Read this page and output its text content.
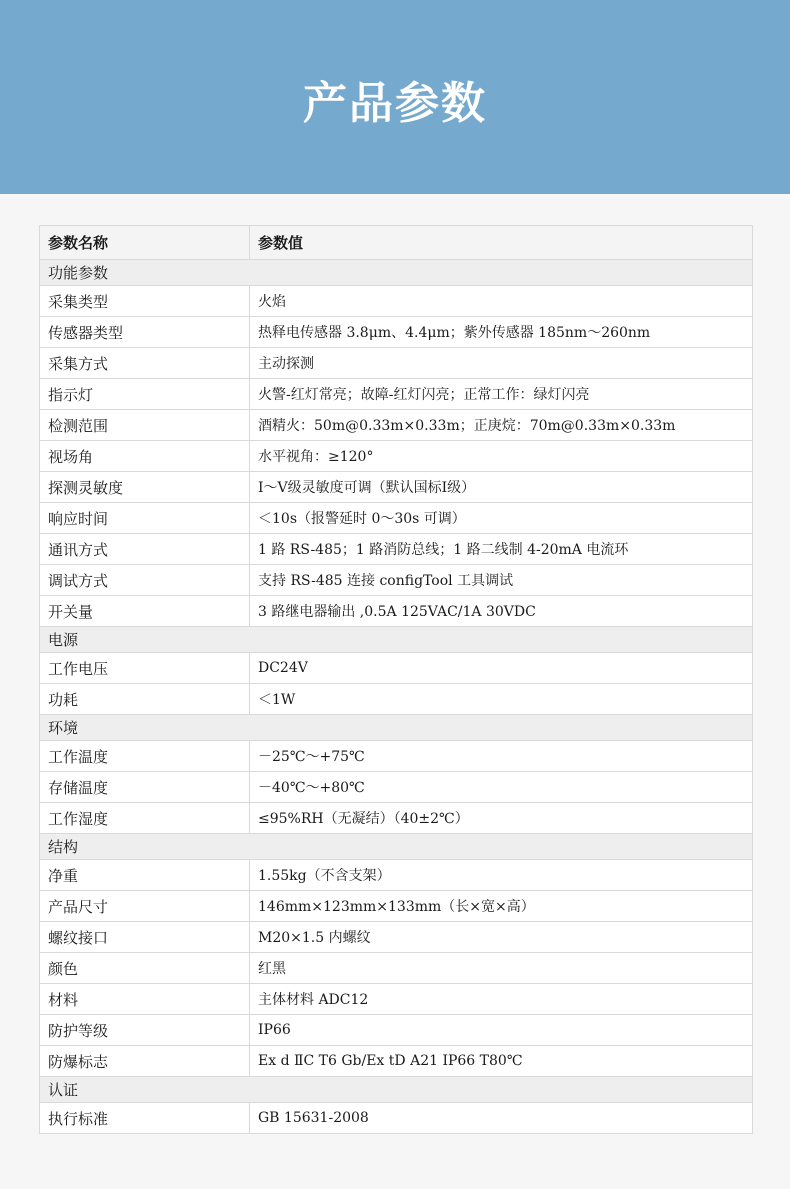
产品参数
参数名称	参数值
功能参数	
采集类型	火焰
传感器类型	热释电传感器 3.8μm、4.4μm；紫外传感器 185nm～260nm
采集方式	主动探测
指示灯	火警-红灯常亮；故障-红灯闪亮；正常工作：绿灯闪亮
检测范围	酒精火：50m@0.33m×0.33m；正庚烷：70m@0.33m×0.33m
视场角	水平视角：≥120°
探测灵敏度	Ⅰ～Ⅴ级灵敏度可调（默认国标Ⅰ级）
响应时间	＜10s（报警延时 0～30s 可调）
通讯方式	1 路 RS-485；1 路消防总线；1 路二线制 4-20mA 电流环
调试方式	支持 RS-485 连接 configTool 工具调试
开关量	3 路继电器输出 ,0.5A 125VAC/1A 30VDC
电源	
工作电压	DC24V
功耗	＜1W
环境	
工作温度	－25℃～+75℃
存储温度	－40℃～+80℃
工作湿度	≤95%RH（无凝结）（40±2℃）
结构	
净重	1.55kg（不含支架）
产品尺寸	146mm×123mm×133mm（长×宽×高）
螺纹接口	M20×1.5 内螺纹
颜色	红黑
材料	主体材料 ADC12
防护等级	IP66
防爆标志	Ex d ⅡC T6 Gb/Ex tD A21 IP66 T80℃
认证	
执行标准	GB 15631-2008
